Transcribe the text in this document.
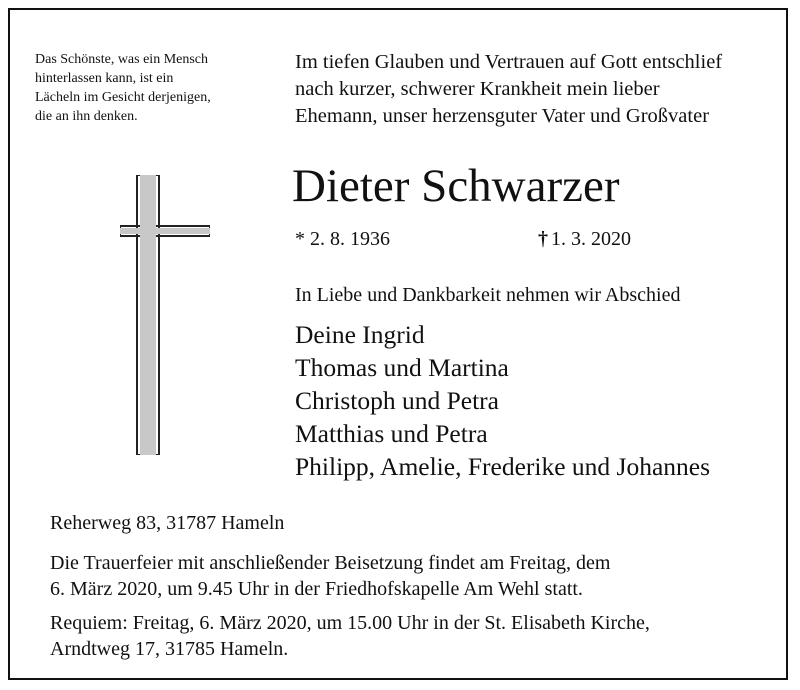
Das Schönste, was ein Mensch
hinterlassen kann, ist ein
Lächeln im Gesicht derjenigen,
die an ihn denken.
Im tiefen Glauben und Vertrauen auf Gott entschlief
nach kurzer, schwerer Krankheit mein lieber
Ehemann, unser herzensguter Vater und Großvater
Dieter Schwarzer
* 2. 8. 1936	† 1. 3. 2020
In Liebe und Dankbarkeit nehmen wir Abschied
Deine Ingrid
Thomas und Martina
Christoph und Petra
Matthias und Petra
Philipp, Amelie, Frederike und Johannes
Reherweg 83, 31787 Hameln
Die Trauerfeier mit anschließender Beisetzung findet am Freitag, dem
6. März 2020, um 9.45 Uhr in der Friedhofskapelle Am Wehl statt.
Requiem: Freitag, 6. März 2020, um 15.00 Uhr in der St. Elisabeth Kirche,
Arndtweg 17, 31785 Hameln.
